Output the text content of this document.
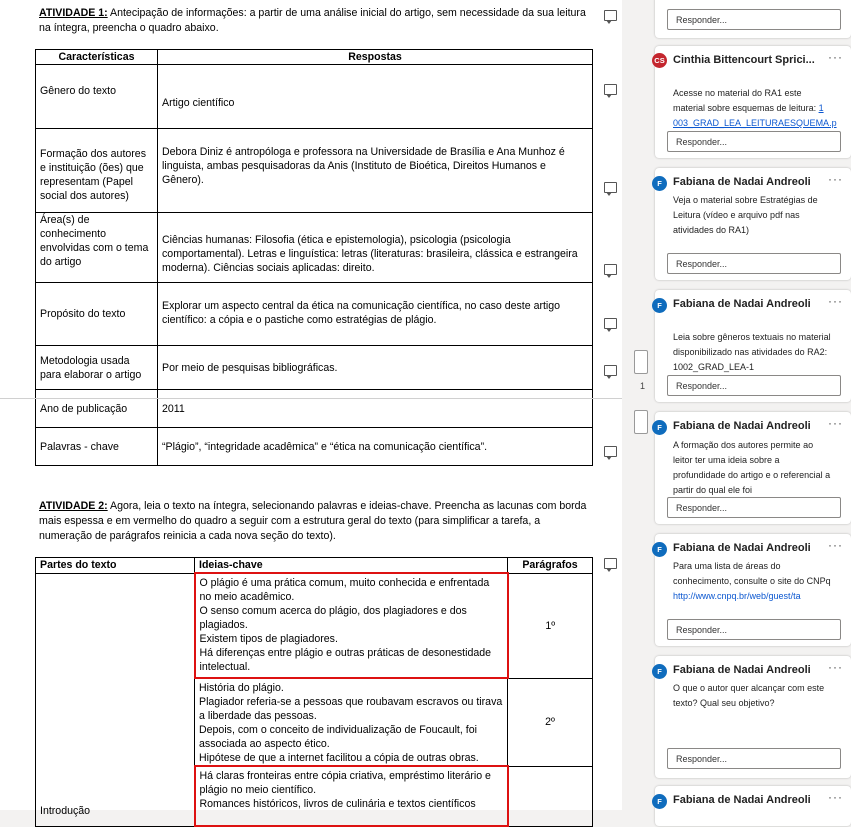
ATIVIDADE 1: Antecipação de informações: a partir de uma análise inicial do artigo, sem necessidade da sua leitura na íntegra, preencha o quadro abaixo.
Características	Respostas
Gênero do texto	Artigo científico
Formação dos autores e instituição (ões) que representam (Papel social dos autores)	Debora Diniz é antropóloga e professora na Universidade de Brasília e Ana Munhoz é linguista, ambas pesquisadoras da Anis (Instituto de Bioética, Direitos Humanos e Gênero).
Área(s) de conhecimento envolvidas com o tema do artigo	Ciências humanas: Filosofia (ética e epistemologia), psicologia (psicologia comportamental). Letras e linguística: letras (literaturas: brasileira, clássica e estrangeira moderna). Ciências sociais aplicadas: direito.
Propósito do texto	Explorar um aspecto central da ética na comunicação científica, no caso deste artigo científico: a cópia e o pastiche como estratégias de plágio.
Metodologia usada para elaborar o artigo	Por meio de pesquisas bibliográficas.
Ano de publicação	2011
Palavras - chave	“Plágio”, “integridade acadêmica” e “ética na comunicação científica”.
ATIVIDADE 2: Agora, leia o texto na íntegra, selecionando palavras e ideias-chave. Preencha as lacunas com borda mais espessa e em vermelho do quadro a seguir com a estrutura geral do texto (para simplificar a tarefa, a numeração de parágrafos reinicia a cada nova seção do texto).
Partes do texto	Ideias-chave	Parágrafos
Introdução	O plágio é uma prática comum, muito conhecida e enfrentada no meio acadêmico.
O senso comum acerca do plágio, dos plagiadores e dos plagiados.
Existem tipos de plagiadores.
Há diferenças entre plágio e outras práticas de desonestidade intelectual.	1º
	História do plágio.
Plagiador referia-se a pessoas que roubavam escravos ou tirava a liberdade das pessoas.
Depois, com o conceito de individualização de Foucault, foi associada ao aspecto ético.
Hipótese de que a internet facilitou a cópia de outras obras.	2º
	Há claras fronteiras entre cópia criativa, empréstimo literário e plágio no meio científico.
Romances históricos, livros de culinária e textos científicos	
1
Responder...
CS Cinthia Bittencourt Sprici... ···
Acesse no material do RA1 este material sobre esquemas de leitura: 1 003_GRAD_LEA_LEITURAESQUEMA.p
Responder...
F	Fabiana de Nadai Andreoli ···
Veja o material sobre Estratégias de Leitura (vídeo e arquivo pdf nas atividades do RA1)
Responder...
F	Fabiana de Nadai Andreoli ···
Leia sobre gêneros textuais no material disponibilizado nas atividades do RA2: 1002_GRAD_LEA-1
Responder...
F	Fabiana de Nadai Andreoli ···
A formação dos autores permite ao leitor ter uma ideia sobre a profundidade do artigo e o referencial a partir do qual ele foi
Responder...
F	Fabiana de Nadai Andreoli ···
Para uma lista de áreas do conhecimento, consulte o site do CNPq http://www.cnpq.br/web/guest/ta
Responder...
F	Fabiana de Nadai Andreoli ···
O que o autor quer alcançar com este texto? Qual seu objetivo?
Responder...
F	Fabiana de Nadai Andreoli ···
